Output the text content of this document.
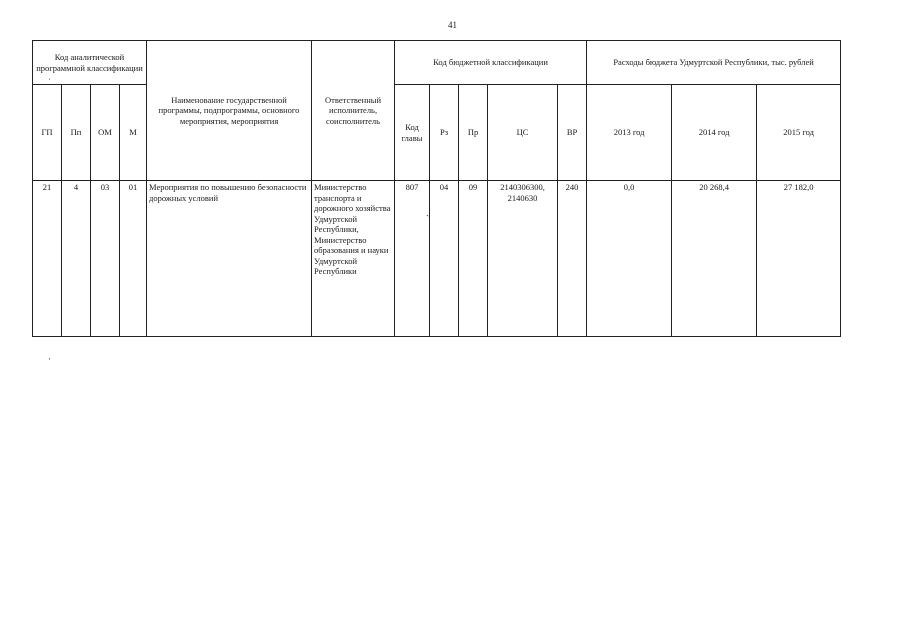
41
Код аналитической программной классификации				Наименование государственной программы, подпрограммы, основного мероприятия, мероприятия	Ответственный исполнитель, соисполнитель	Код бюджетной классификации					Расходы бюджета Удмуртской Республики, тыс. рублей		
ГП	Пп	ОМ	М			Код главы	Рз	Пр	ЦС	ВР	2013 год	2014 год	2015 год
21	4	03	01	Мероприятия по повышению безопасности дорожных условий	Министерство транспорта и дорожного хозяйства Удмуртской Республики, Министерство образования и науки Удмуртской Республики	807	04	09	2140306300, 2140630	240	0,0	20 268,4	27 182,0
ˎ
·
ˌ
